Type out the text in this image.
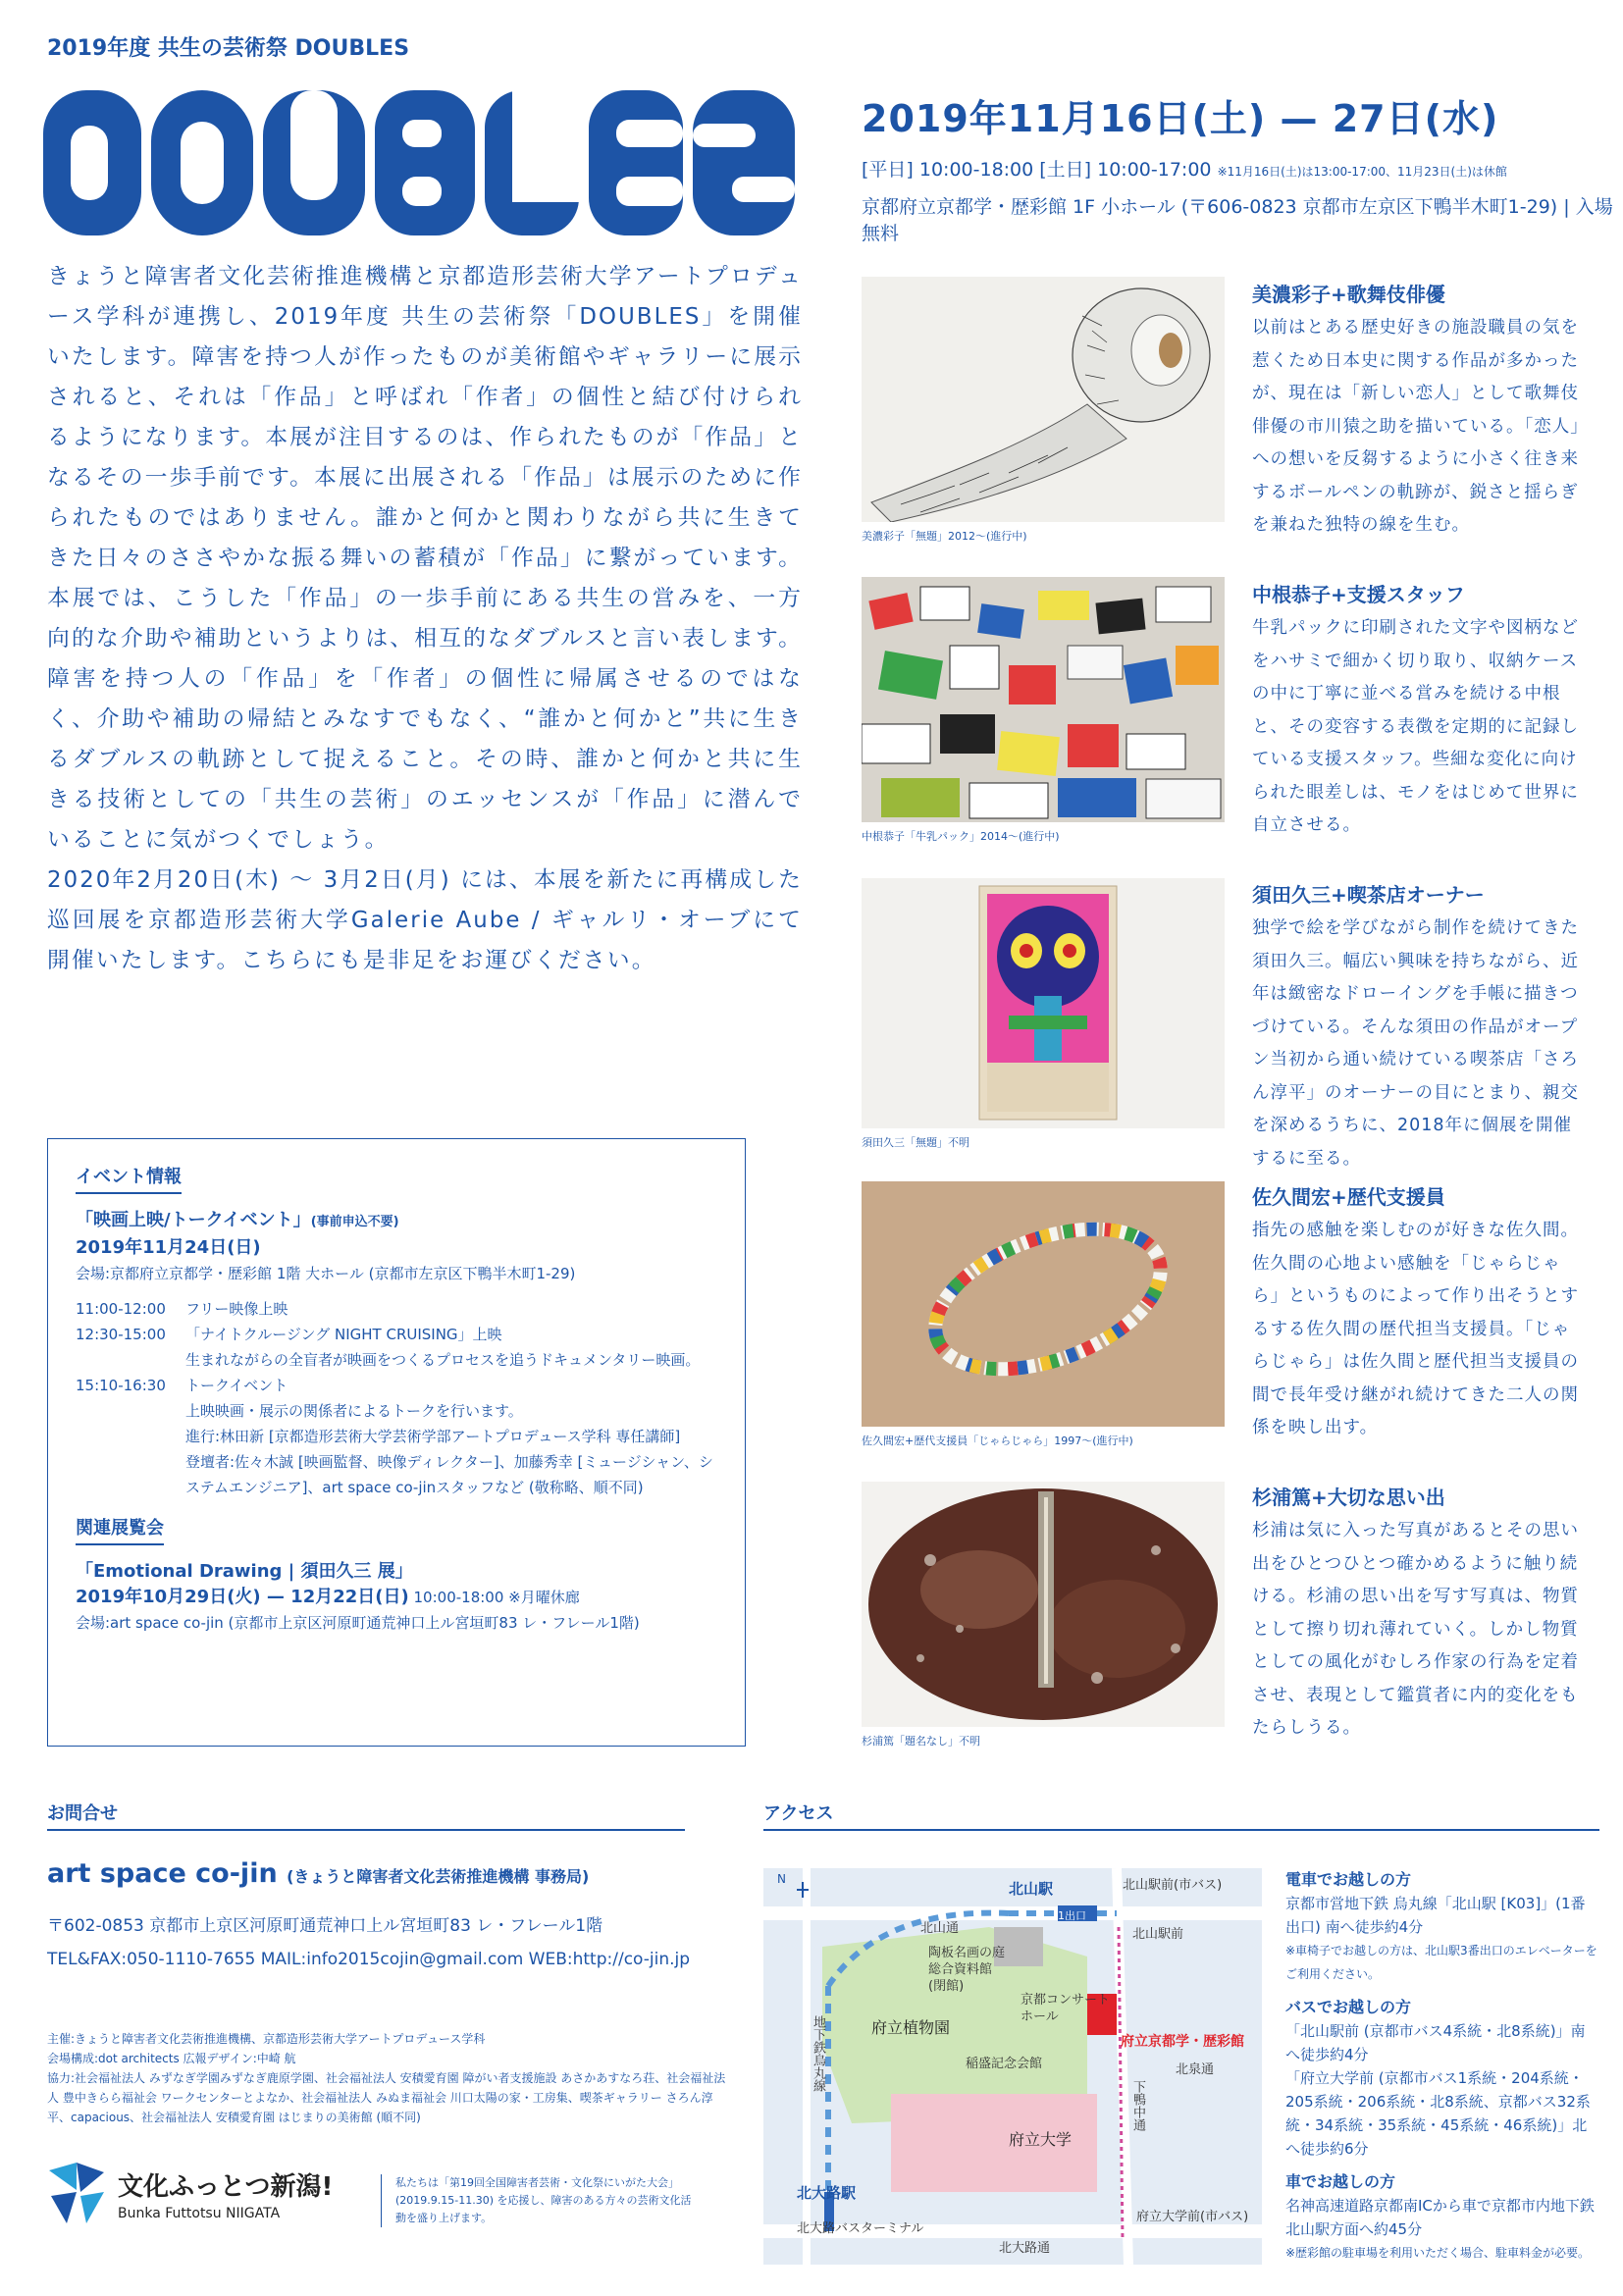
2019年度 共生の芸術祭 DOUBLES
2019年11月16日(土) — 27日(水)
[平日] 10:00-18:00 [土日] 10:00-17:00 ※11月16日(土)は13:00-17:00、11月23日(土)は休館
京都府立京都学・歴彩館 1F 小ホール (〒606-0823 京都市左京区下鴨半木町1-29) | 入場無料

きょうと障害者文化芸術推進機構と京都造形芸術大学アートプロデュース学科が連携し、2019年度 共生の芸術祭「DOUBLES」を開催いたします。障害を持つ人が作ったものが美術館やギャラリーに展示されると、それは「作品」と呼ばれ「作者」の個性と結び付けられるようになります。本展が注目するのは、作られたものが「作品」となるその一歩手前です。本展に出展される「作品」は展示のために作られたものではありません。誰かと何かと関わりながら共に生きてきた日々のささやかな振る舞いの蓄積が「作品」に繋がっています。

本展では、こうした「作品」の一歩手前にある共生の営みを、一方向的な介助や補助というよりは、相互的なダブルスと言い表します。障害を持つ人の「作品」を「作者」の個性に帰属させるのではなく、介助や補助の帰結とみなすでもなく、“誰かと何かと”共に生きるダブルスの軌跡として捉えること。その時、誰かと何かと共に生きる技術としての「共生の芸術」のエッセンスが「作品」に潜んでいることに気がつくでしょう。

2020年2月20日(木) 〜 3月2日(月) には、本展を新たに再構成した巡回展を京都造形芸術大学Galerie Aube / ギャルリ・オーブにて開催いたします。こちらにも是非足をお運びください。

イベント情報
「映画上映/トークイベント」(事前申込不要)
2019年11月24日(日)
会場:京都府立京都学・歴彩館 1階 大ホール (京都市左京区下鴨半木町1-29)
11:00-12:00	フリー映像上映
12:30-15:00	「ナイトクルージング NIGHT CRUISING」上映
生まれながらの全盲者が映画をつくるプロセスを追うドキュメンタリー映画。
15:10-16:30	トークイベント
上映映画・展示の関係者によるトークを行います。
進行:林田新 [京都造形芸術大学芸術学部アートプロデュース学科 専任講師]
登壇者:佐々木誠 [映画監督、映像ディレクター]、加藤秀幸 [ミュージシャン、システムエンジニア]、art space co-jinスタッフなど (敬称略、順不同)
関連展覧会
「Emotional Drawing | 須田久三 展」
2019年10月29日(火) — 12月22日(日) 10:00-18:00 ※月曜休廊
会場:art space co-jin (京都市上京区河原町通荒神口上ル宮垣町83 レ・フレール1階)
美濃彩子「無題」2012〜(進行中)
美濃彩子+歌舞伎俳優
以前はとある歴史好きの施設職員の気を惹くため日本史に関する作品が多かったが、現在は「新しい恋人」として歌舞伎俳優の市川猿之助を描いている。「恋人」への想いを反芻するように小さく往き来するボールペンの軌跡が、鋭さと揺らぎを兼ねた独特の線を生む。
中根恭子「牛乳パック」2014〜(進行中)
中根恭子+支援スタッフ
牛乳パックに印刷された文字や図柄などをハサミで細かく切り取り、収納ケースの中に丁寧に並べる営みを続ける中根と、その変容する表徴を定期的に記録している支援スタッフ。些細な変化に向けられた眼差しは、モノをはじめて世界に自立させる。
須田久三「無題」不明
須田久三+喫茶店オーナー
独学で絵を学びながら制作を続けてきた須田久三。幅広い興味を持ちながら、近年は緻密なドローイングを手帳に描きつづけている。そんな須田の作品がオープン当初から通い続けている喫茶店「さろん淳平」のオーナーの目にとまり、親交を深めるうちに、2018年に個展を開催するに至る。
佐久間宏+歴代支援員「じゃらじゃら」1997〜(進行中)
佐久間宏+歴代支援員
指先の感触を楽しむのが好きな佐久間。佐久間の心地よい感触を「じゃらじゃら」というものによって作り出そうとするする佐久間の歴代担当支援員。「じゃらじゃら」は佐久間と歴代担当支援員の間で長年受け継がれ続けてきた二人の関係を映し出す。
杉浦篤「題名なし」不明
杉浦篤+大切な思い出
杉浦は気に入った写真があるとその思い出をひとつひとつ確かめるように触り続ける。杉浦の思い出を写す写真は、物質として擦り切れ薄れていく。しかし物質としての風化がむしろ作家の行為を定着させ、表現として鑑賞者に内的変化をもたらしうる。
お問合せ
art space co-jin (きょうと障害者文化芸術推進機構 事務局)
〒602-0853 京都市上京区河原町通荒神口上ル宮垣町83 レ・フレール1階
TEL&FAX:050-1110-7655 MAIL:info2015cojin@gmail.com WEB:http://co-jin.jp
主催:きょうと障害者文化芸術推進機構、京都造形芸術大学アートプロデュース学科
会場構成:dot architects 広報デザイン:中崎 航
協力:社会福祉法人 みずなぎ学園みずなぎ鹿原学園、社会福祉法人 安積愛育園 障がい者支援施設 あさかあすなろ荘、社会福祉法人 豊中きらら福祉会 ワークセンターとよなか、社会福祉法人 みぬま福祉会 川口太陽の家・工房集、喫茶ギャラリー さろん淳平、capacious、社会福祉法人 安積愛育園 はじまりの美術館 (順不同)
文化ふっとつ新潟!
Bunka Futtotsu NIIGATA
私たちは「第19回全国障害者芸術・文化祭にいがた大会」(2019.9.15-11.30) を応援し、障害のある方々の芸術文化活動を盛り上げます。
アクセス
北山駅	北山駅前(市バス)
北山通
1出口
北山駅前
陶板名画の庭
総合資料館
(閉館)
京都コンサート
ホール
府立植物園
稲盛記念会館
府立京都学・歴彩館
北泉通
下鴨中通
府立大学
地下鉄烏丸線
北大路駅
北大路バスターミナル
北大路通
府立大学前(市バス)
N	電車でお越しの方
京都市営地下鉄 烏丸線「北山駅 [K03]」(1番出口) 南へ徒歩約4分
※車椅子でお越しの方は、北山駅3番出口のエレベーターをご利用ください。
バスでお越しの方
「北山駅前 (京都市バス4系統・北8系統)」南へ徒歩約4分
「府立大学前 (京都市バス1系統・204系統・205系統・206系統・北8系統、京都バス32系統・34系統・35系統・45系統・46系統)」北へ徒歩約6分
車でお越しの方
名神高速道路京都南ICから車で京都市内地下鉄北山駅方面へ約45分
※歴彩館の駐車場を利用いただく場合、駐車料金が必要。
